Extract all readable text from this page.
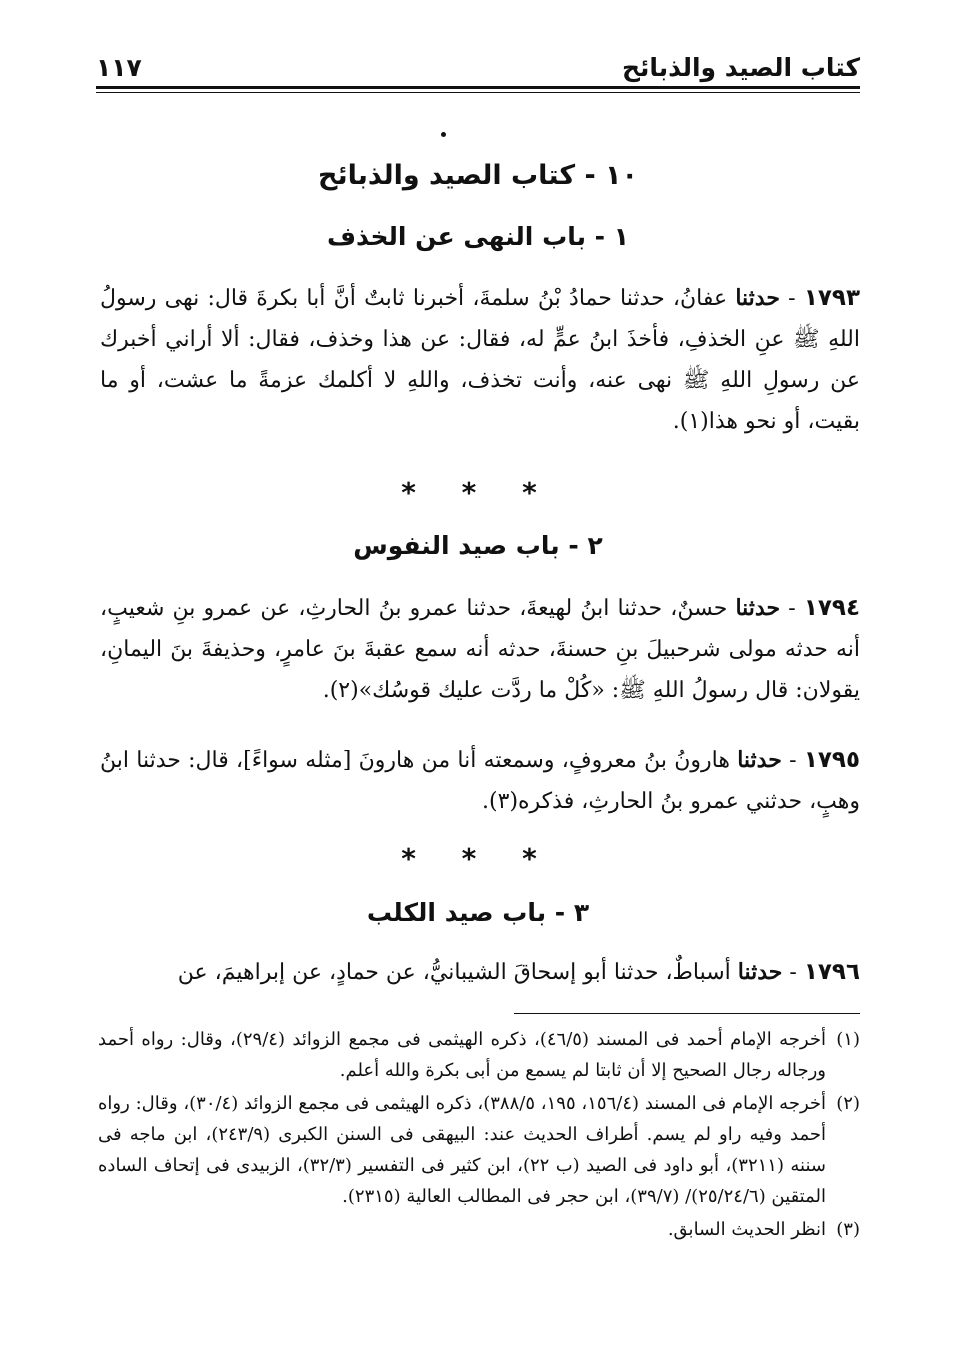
كتاب الصيد والذبائح
١١٧
١٠ - كتاب الصيد والذبائح
١ - باب النهى عن الخذف

١٧٩٣ - حدثنا عفانُ، حدثنا حمادُ بْنُ سلمةَ، أخبرنا ثابتٌ أنَّ أبا بكرةَ قال: نهى رسولُ اللهِ ﷺ عنِ الخذفِ، فأخذَ ابنُ عمٍّ له، فقال: عن هذا وخذف، فقال: ألا أراني أخبرك عن رسولِ اللهِ ﷺ نهى عنه، وأنت تخذف، واللهِ لا أكلمك عزمةً ما عشت، أو ما بقيت، أو نحو هذا(١).

* * *
٢ - باب صيد النفوس

١٧٩٤ - حدثنا حسنٌ، حدثنا ابنُ لهيعةَ، حدثنا عمرو بنُ الحارثِ، عن عمرو بنِ شعيبٍ، أنه حدثه مولى شرحبيلَ بنِ حسنةَ، حدثه أنه سمع عقبةَ بنَ عامرٍ، وحذيفةَ بنَ اليمانِ، يقولان: قال رسولُ اللهِ ﷺ: «كُلْ ما ردَّت عليك قوسُك»(٢).

١٧٩٥ - حدثنا هارونُ بنُ معروفٍ، وسمعته أنا من هارونَ [مثله سواءً]، قال: حدثنا ابنُ وهبٍ، حدثني عمرو بنُ الحارثِ، فذكره(٣).

* * *
٣ - باب صيد الكلب

١٧٩٦ - حدثنا أسباطٌ، حدثنا أبو إسحاقَ الشيبانيُّ، عن حمادٍ، عن إبراهيمَ، عن

(١)
أخرجه الإمام أحمد فى المسند (٤٦/٥)، ذكره الهيثمى فى مجمع الزوائد (٢٩/٤)، وقال: رواه أحمد ورجاله رجال الصحيح إلا أن ثابتا لم يسمع من أبى بكرة والله أعلم.

(٢)
أخرجه الإمام فى المسند (١٥٦/٤، ١٩٥، ٣٨٨/٥)، ذكره الهيثمى فى مجمع الزوائد (٣٠/٤)، وقال: رواه أحمد وفيه راو لم يسم. أطراف الحديث عند: البيهقى فى السنن الكبرى (٢٤٣/٩)، ابن ماجه فى سننه (٣٢١١)، أبو داود فى الصيد (ب ٢٢)، ابن كثير فى التفسير (٣٢/٣)، الزبيدى فى إتحاف الساده المتقين (٢٥/٢٤/٦)/ (٣٩/٧)، ابن حجر فى المطالب العالية (٢٣١٥).

(٣)
انظر الحديث السابق.
